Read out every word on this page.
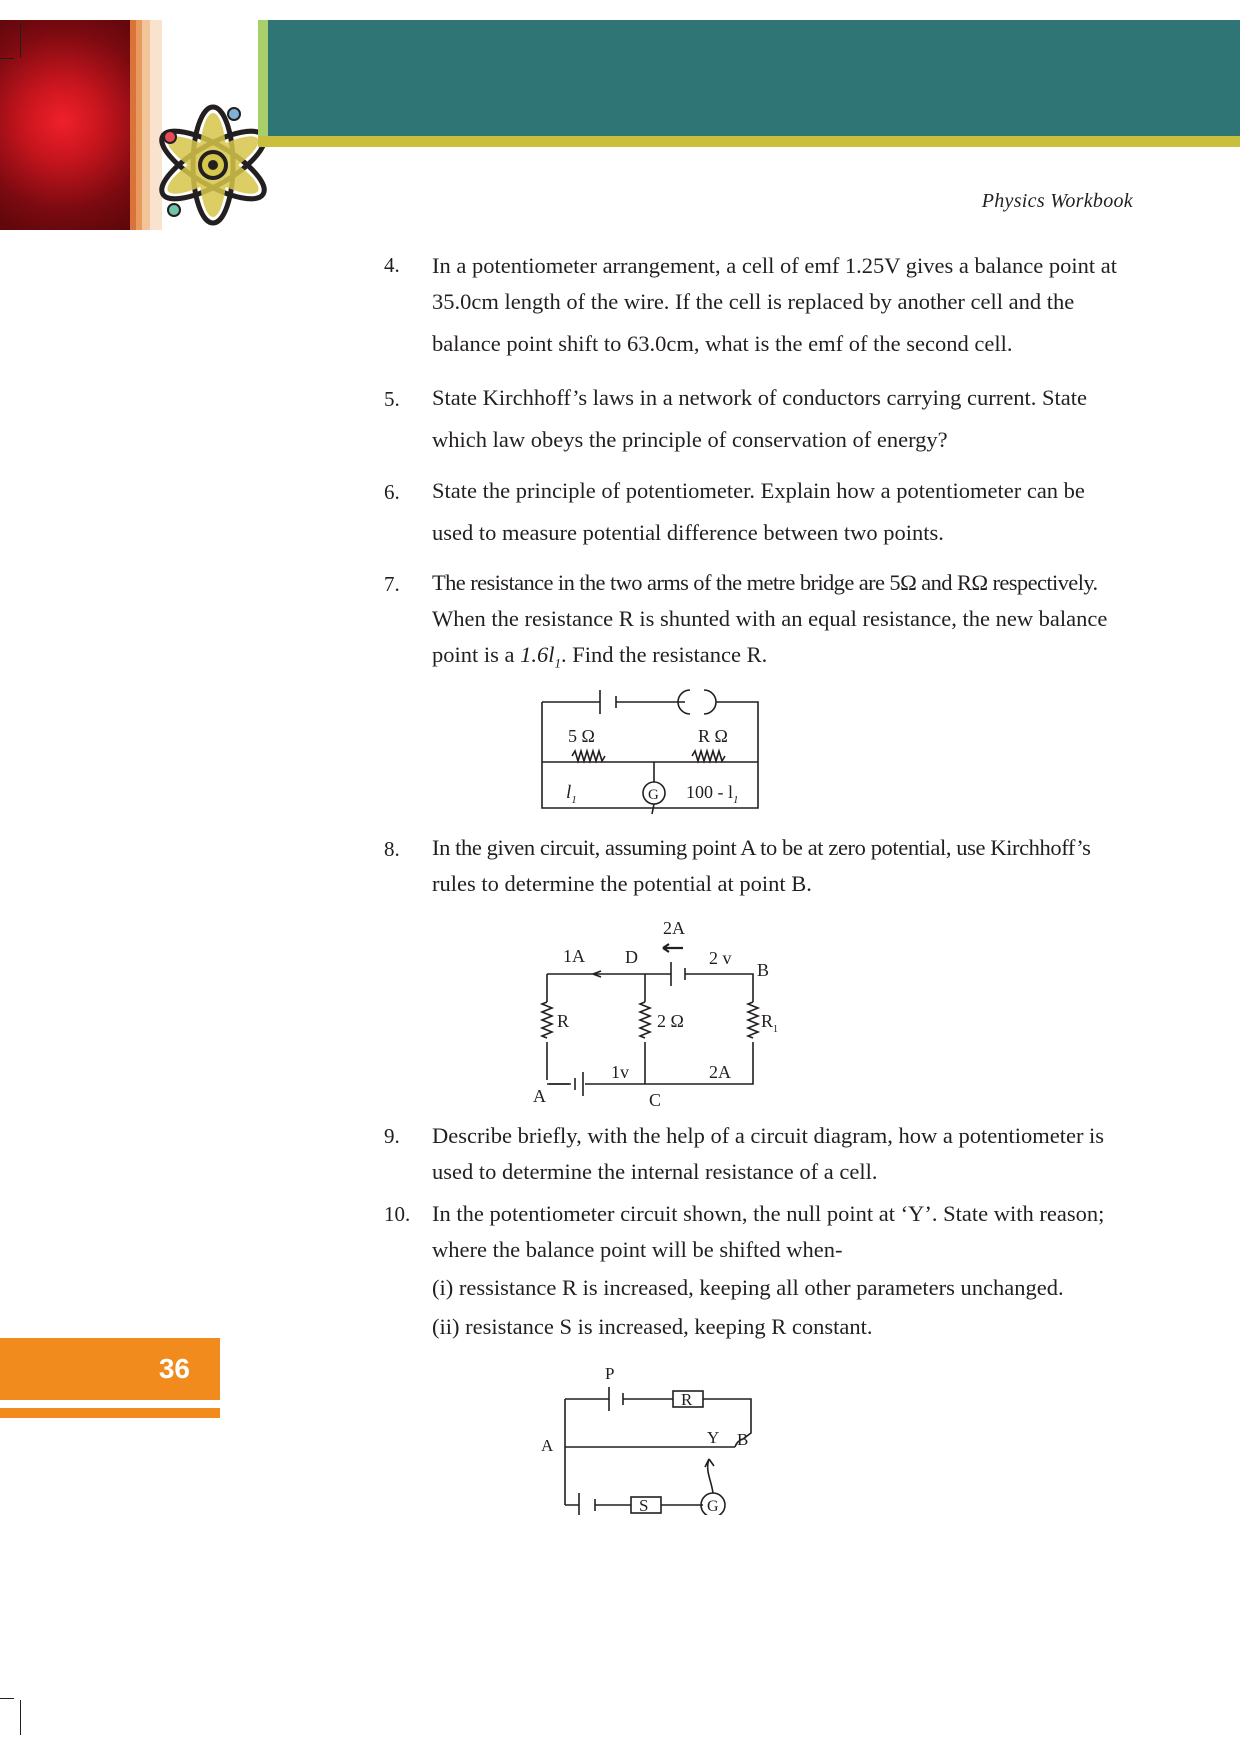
Physics Workbook
4. In a potentiometer arrangement, a cell of emf 1.25V gives a balance point at
35.0cm length of the wire. If the cell is replaced by another cell and the
balance point shift to 63.0cm, what is the emf of the second cell.
5. State Kirchhoff’s laws in a network of conductors carrying current. State
which law obeys the principle of conservation of energy?
6. State the principle of potentiometer. Explain how a potentiometer can be
used to measure potential difference between two points.
7. The resistance in the two arms of the metre bridge are 5Ω and RΩ respectively.
When the resistance R is shunted with an equal resistance, the new balance
point is a $1.6l_1$. Find the resistance R.
5 Ω	R Ω
G
$l_1$	$100 - l_1$
8. In the given circuit, assuming point A to be at zero potential, use Kirchhoff’s
rules to determine the potential at point B.
2A
1A D	2 v
B
R	2 Ω	$R_1$
1v	2A
A	C
9. Describe briefly, with the help of a circuit diagram, how a potentiometer is
used to determine the internal resistance of a cell.
10. In the potentiometer circuit shown, the null point at ‘Y’. State with reason;
where the balance point will be shifted when-
(i) ressistance R is increased, keeping all other parameters unchanged.
(ii) resistance S is increased, keeping R constant.
P
R
Y B
A
S	G
36
